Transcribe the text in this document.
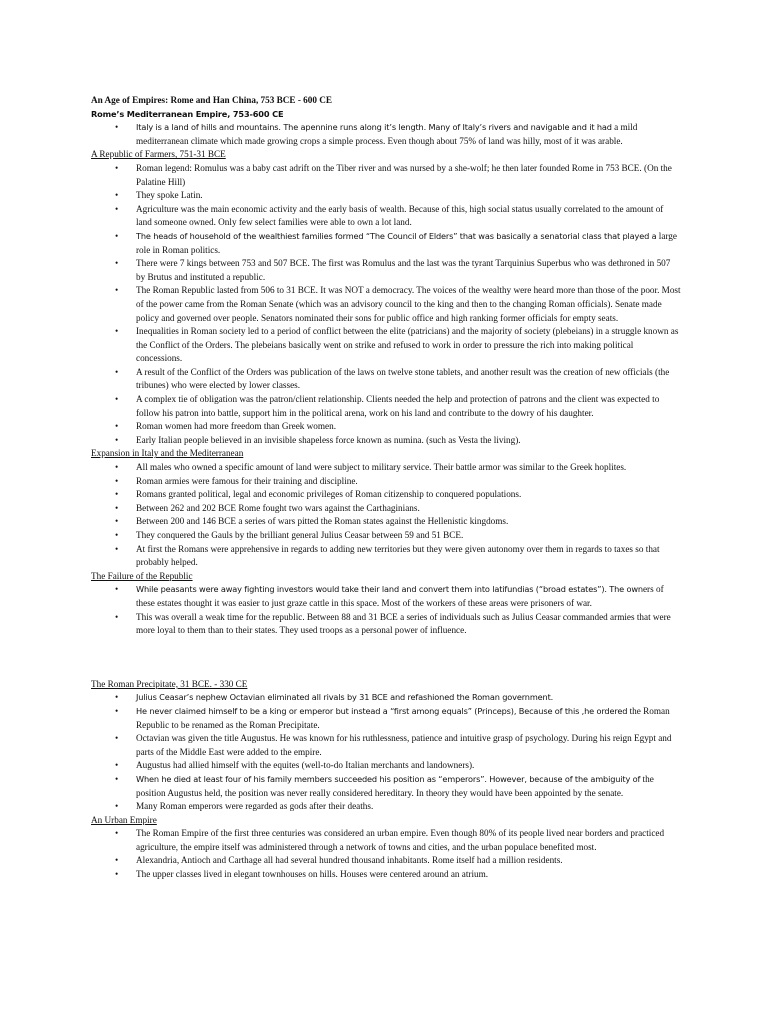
An Age of Empires: Rome and Han China, 753 BCE - 600 CE

Rome’s Mediterranean Empire, 753-600 CE

• Italy is a land of hills and mountains. The apennine runs along it’s length. Many of Italy’s rivers and navigable and it had a mild mediterranean climate which made growing crops a simple process. Even though about 75% of land was hilly, most of it was arable.

A Republic of Farmers, 751-31 BCE

• Roman legend: Romulus was a baby cast adrift on the Tiber river and was nursed by a she-wolf; he then later founded Rome in 753 BCE. (On the Palatine Hill)
• They spoke Latin.
• Agriculture was the main economic activity and the early basis of wealth. Because of this, high social status usually correlated to the amount of land someone owned. Only few select families were able to own a lot land.
• The heads of household of the wealthiest families formed “The Council of Elders” that was basically a senatorial class that played a large role in Roman politics.
• There were 7 kings between 753 and 507 BCE. The first was Romulus and the last was the tyrant Tarquinius Superbus who was dethroned in 507 by Brutus and instituted a republic.
• The Roman Republic lasted from 506 to 31 BCE. It was NOT a democracy. The voices of the wealthy were heard more than those of the poor. Most of the power came from the Roman Senate (which was an advisory council to the king and then to the changing Roman officials). Senate made policy and governed over people. Senators nominated their sons for public office and high ranking former officials for empty seats.
• Inequalities in Roman society led to a period of conflict between the elite (patricians) and the majority of society (plebeians) in a struggle known as the Conflict of the Orders. The plebeians basically went on strike and refused to work in order to pressure the rich into making political concessions.
• A result of the Conflict of the Orders was publication of the laws on twelve stone tablets, and another result was the creation of new officials (the tribunes) who were elected by lower classes.
• A complex tie of obligation was the patron/client relationship. Clients needed the help and protection of patrons and the client was expected to follow his patron into battle, support him in the political arena, work on his land and contribute to the dowry of his daughter.
• Roman women had more freedom than Greek women.
• Early Italian people believed in an invisible shapeless force known as numina. (such as Vesta the living).

Expansion in Italy and the Mediterranean

• All males who owned a specific amount of land were subject to military service. Their battle armor was similar to the Greek hoplites.
• Roman armies were famous for their training and discipline.
• Romans granted political, legal and economic privileges of Roman citizenship to conquered populations.
• Between 262 and 202 BCE Rome fought two wars against the Carthaginians.
• Between 200 and 146 BCE a series of wars pitted the Roman states against the Hellenistic kingdoms.
• They conquered the Gauls by the brilliant general Julius Ceasar between 59 and 51 BCE.
• At first the Romans were apprehensive in regards to adding new territories but they were given autonomy over them in regards to taxes so that probably helped.

The Failure of the Republic

• While peasants were away fighting investors would take their land and convert them into latifundias (“broad estates”). The owners of these estates thought it was easier to just graze cattle in this space. Most of the workers of these areas were prisoners of war.
• This was overall a weak time for the republic. Between 88 and 31 BCE a series of individuals such as Julius Ceasar commanded armies that were more loyal to them than to their states. They used troops as a personal power of influence.

The Roman Precipitate, 31 BCE. - 330 CE

• Julius Ceasar’s nephew Octavian eliminated all rivals by 31 BCE and refashioned the Roman government.
• He never claimed himself to be a king or emperor but instead a “first among equals” (Princeps), Because of this ,he ordered the Roman Republic to be renamed as the Roman Precipitate.
• Octavian was given the title Augustus. He was known for his ruthlessness, patience and intuitive grasp of psychology. During his reign Egypt and parts of the Middle East were added to the empire.
• Augustus had allied himself with the equites (well-to-do Italian merchants and landowners).
• When he died at least four of his family members succeeded his position as “emperors”. However, because of the ambiguity of the position Augustus held, the position was never really considered hereditary. In theory they would have been appointed by the senate.
• Many Roman emperors were regarded as gods after their deaths.

An Urban Empire

• The Roman Empire of the first three centuries was considered an urban empire. Even though 80% of its people lived near borders and practiced agriculture, the empire itself was administered through a network of towns and cities, and the urban populace benefited most.
• Alexandria, Antioch and Carthage all had several hundred thousand inhabitants. Rome itself had a million residents.
• The upper classes lived in elegant townhouses on hills. Houses were centered around an atrium.
